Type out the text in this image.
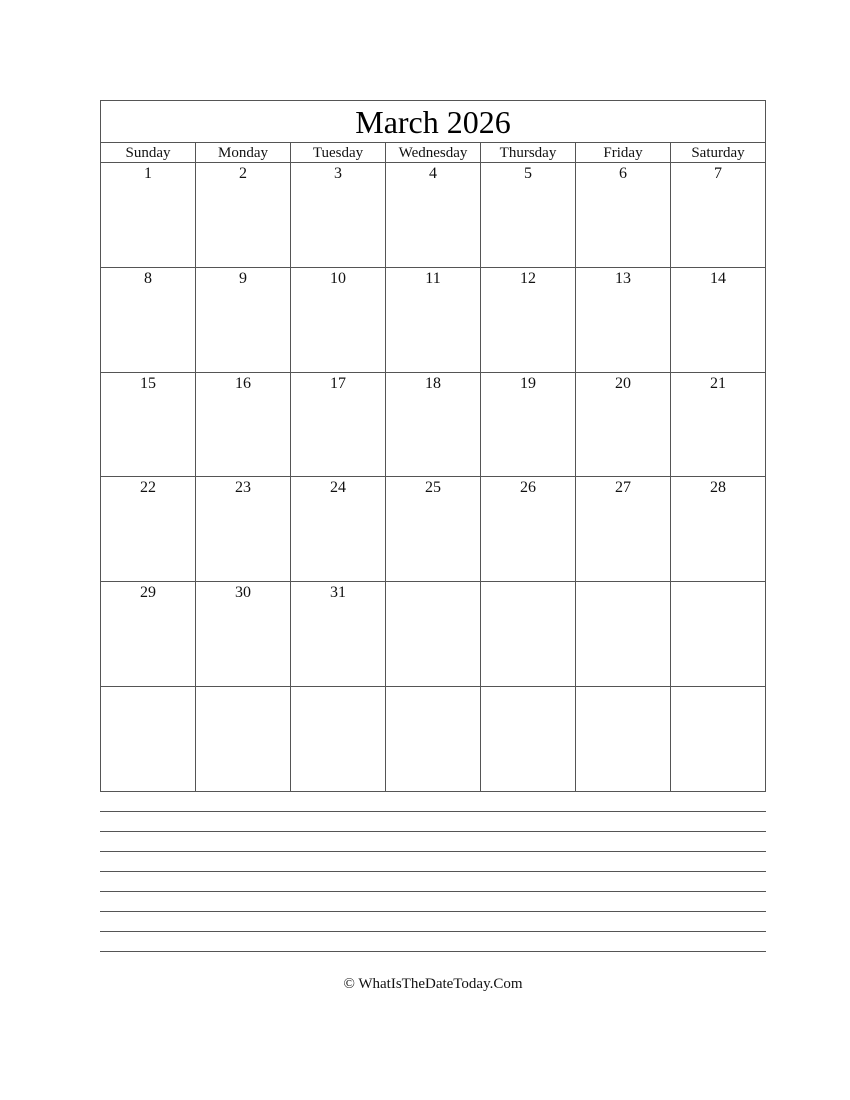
March 2026
Sunday	Monday	Tuesday	Wednesday	Thursday	Friday	Saturday
1	2	3	4	5	6	7
8	9	10	11	12	13	14
15	16	17	18	19	20	21
22	23	24	25	26	27	28
29	30	31
© WhatIsTheDateToday.Com
